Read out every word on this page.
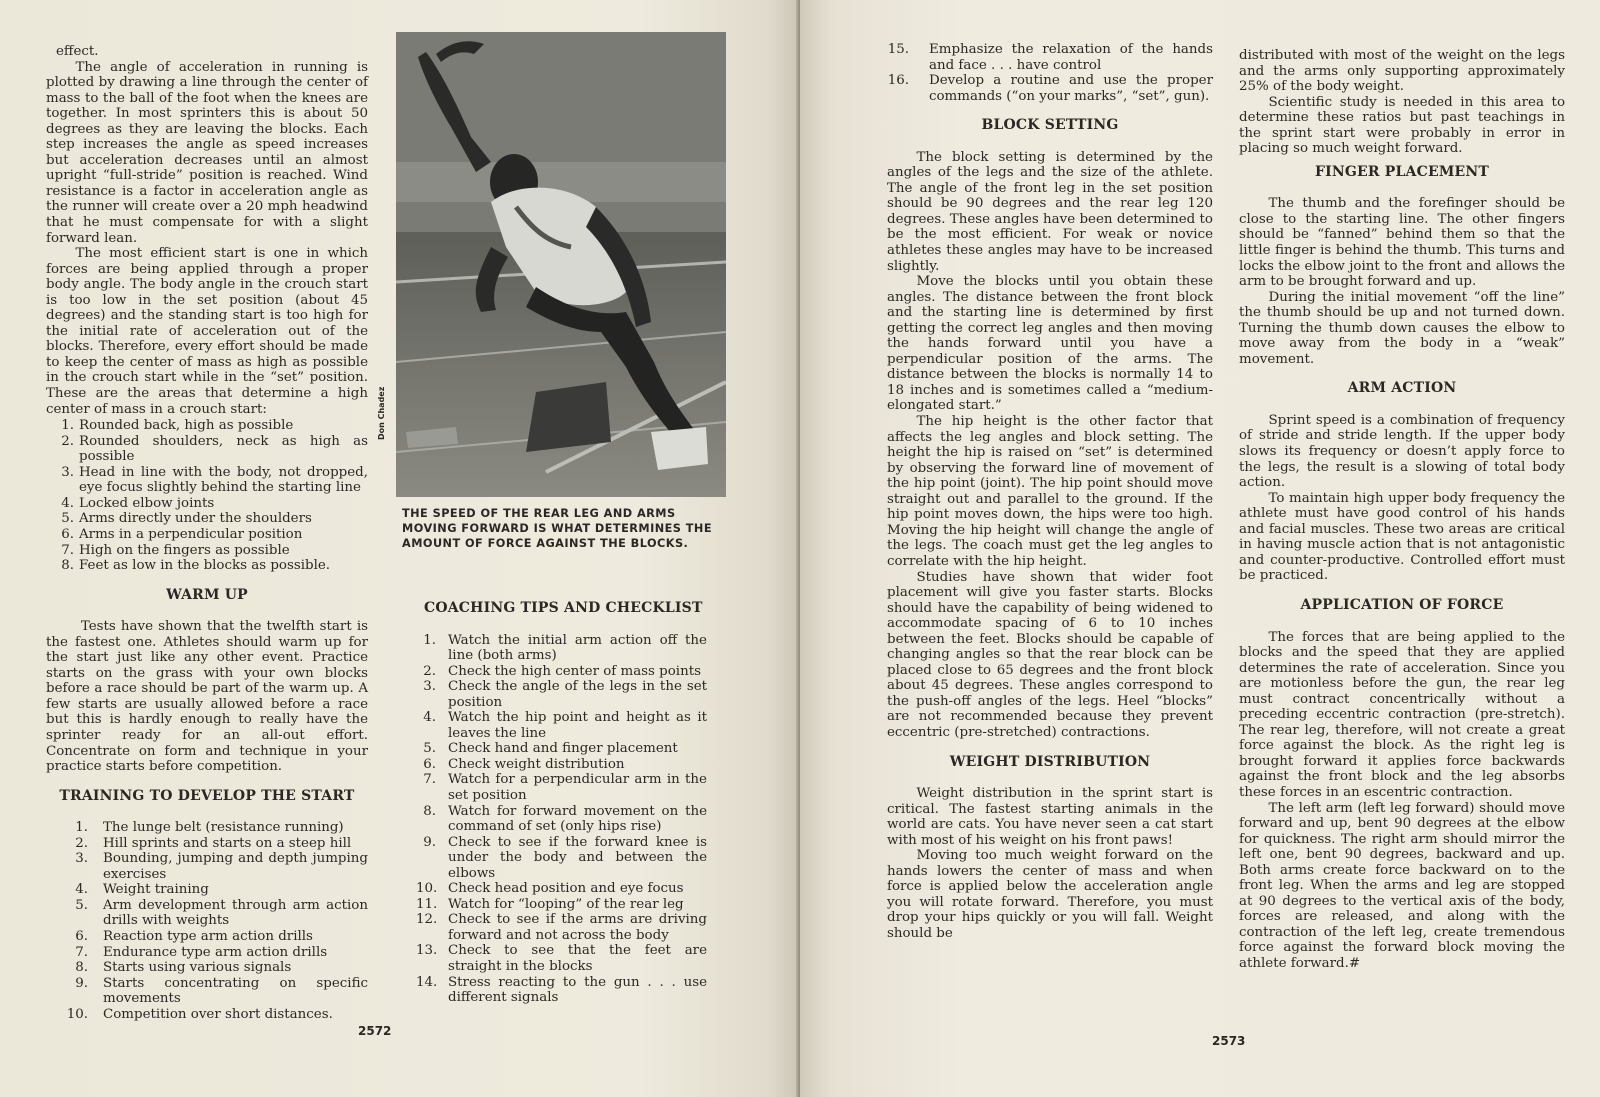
effect.

The angle of acceleration in running is plotted by drawing a line through the center of mass to the ball of the foot when the knees are together. In most sprinters this is about 50 degrees as they are leaving the blocks. Each step increases the angle as speed increases but acceleration decreases until an almost upright “full-stride” position is reached. Wind resistance is a factor in acceleration angle as the runner will create over a 20 mph headwind that he must compensate for with a slight forward lean.

The most efficient start is one in which forces are being applied through a proper body angle. The body angle in the crouch start is too low in the set position (about 45 degrees) and the standing start is too high for the initial rate of acceleration out of the blocks. Therefore, every effort should be made to keep the center of mass as high as possible in the crouch start while in the “set” position. These are the areas that determine a high center of mass in a crouch start:

1. Rounded back, high as possible
2. Rounded shoulders, neck as high as possible
3. Head in line with the body, not dropped, eye focus slightly behind the starting line
4. Locked elbow joints
5. Arms directly under the shoulders
6. Arms in a perpendicular position
7. High on the fingers as possible
8. Feet as low in the blocks as possible.
WARM UP

Tests have shown that the twelfth start is the fastest one. Athletes should warm up for the start just like any other event. Practice starts on the grass with your own blocks before a race should be part of the warm up. A few starts are usually allowed before a race but this is hardly enough to really have the sprinter ready for an all-out effort. Concentrate on form and technique in your practice starts before competition.

TRAINING TO DEVELOP THE START
1.	The lunge belt (resistance running)
2.	Hill sprints and starts on a steep hill
3.	Bounding, jumping and depth jumping exercises
4.	Weight training
5.	Arm development through arm action drills with weights
6.	Reaction type arm action drills
7.	Endurance type arm action drills
8.	Starts using various signals
9.	Starts concentrating on specific movements
10.	Competition over short distances.
Don Chadez
THE SPEED OF THE REAR LEG AND ARMS MOVING FORWARD IS WHAT DETERMINES THE AMOUNT OF FORCE AGAINST THE BLOCKS.
COACHING TIPS AND CHECKLIST
1. Watch the initial arm action off the line (both arms)
2. Check the high center of mass points
3. Check the angle of the legs in the set position
4. Watch the hip point and height as it leaves the line
5. Check hand and finger placement
6. Check weight distribution
7. Watch for a perpendicular arm in the set position
8. Watch for forward movement on the command of set (only hips rise)
9. Check to see if the forward knee is under the body and between the elbows
10. Check head position and eye focus
11. Watch for “looping” of the rear leg
12. Check to see if the arms are driving forward and not across the body
13. Check to see that the feet are straight in the blocks
14. Stress reacting to the gun . . . use different signals
2572
15.	Emphasize the relaxation of the hands and face . . . have control
16.	Develop a routine and use the proper commands (“on your marks”, “set”, gun).
BLOCK SETTING

The block setting is determined by the angles of the legs and the size of the athlete. The angle of the front leg in the set position should be 90 degrees and the rear leg 120 degrees. These angles have been determined to be the most efficient. For weak or novice athletes these angles may have to be increased slightly.

Move the blocks until you obtain these angles. The distance between the front block and the starting line is determined by first getting the correct leg angles and then moving the hands forward until you have a perpendicular position of the arms. The distance between the blocks is normally 14 to 18 inches and is sometimes called a “medium-elongated start.”

The hip height is the other factor that affects the leg angles and block setting. The height the hip is raised on “set” is determined by observing the forward line of movement of the hip point (joint). The hip point should move straight out and parallel to the ground. If the hip point moves down, the hips were too high. Moving the hip height will change the angle of the legs. The coach must get the leg angles to correlate with the hip height.

Studies have shown that wider foot placement will give you faster starts. Blocks should have the capability of being widened to accommodate spacing of 6 to 10 inches between the feet. Blocks should be capable of changing angles so that the rear block can be placed close to 65 degrees and the front block about 45 degrees. These angles correspond to the push-off angles of the legs. Heel “blocks” are not recommended because they prevent eccentric (pre-stretched) contractions.

WEIGHT DISTRIBUTION

Weight distribution in the sprint start is critical. The fastest starting animals in the world are cats. You have never seen a cat start with most of his weight on his front paws!

Moving too much weight forward on the hands lowers the center of mass and when force is applied below the acceleration angle you will rotate forward. Therefore, you must drop your hips quickly or you will fall. Weight should be

distributed with most of the weight on the legs and the arms only supporting approximately 25% of the body weight.

Scientific study is needed in this area to determine these ratios but past teachings in the sprint start were probably in error in placing so much weight forward.

FINGER PLACEMENT

The thumb and the forefinger should be close to the starting line. The other fingers should be “fanned” behind them so that the little finger is behind the thumb. This turns and locks the elbow joint to the front and allows the arm to be brought forward and up.

During the initial movement “off the line” the thumb should be up and not turned down. Turning the thumb down causes the elbow to move away from the body in a “weak” movement.

ARM ACTION

Sprint speed is a combination of frequency of stride and stride length. If the upper body slows its frequency or doesn’t apply force to the legs, the result is a slowing of total body action.

To maintain high upper body frequency the athlete must have good control of his hands and facial muscles. These two areas are critical in having muscle action that is not antagonistic and counter-productive. Controlled effort must be practiced.

APPLICATION OF FORCE

The forces that are being applied to the blocks and the speed that they are applied determines the rate of acceleration. Since you are motionless before the gun, the rear leg must contract concentrically without a preceding eccentric contraction (pre-stretch). The rear leg, therefore, will not create a great force against the block. As the right leg is brought forward it applies force backwards against the front block and the leg absorbs these forces in an escentric contraction.

The left arm (left leg forward) should move forward and up, bent 90 degrees at the elbow for quickness. The right arm should mirror the left one, bent 90 degrees, backward and up. Both arms create force backward on to the front leg. When the arms and leg are stopped at 90 degrees to the vertical axis of the body, forces are released, and along with the contraction of the left leg, create tremendous force against the forward block moving the athlete forward.#

2573
